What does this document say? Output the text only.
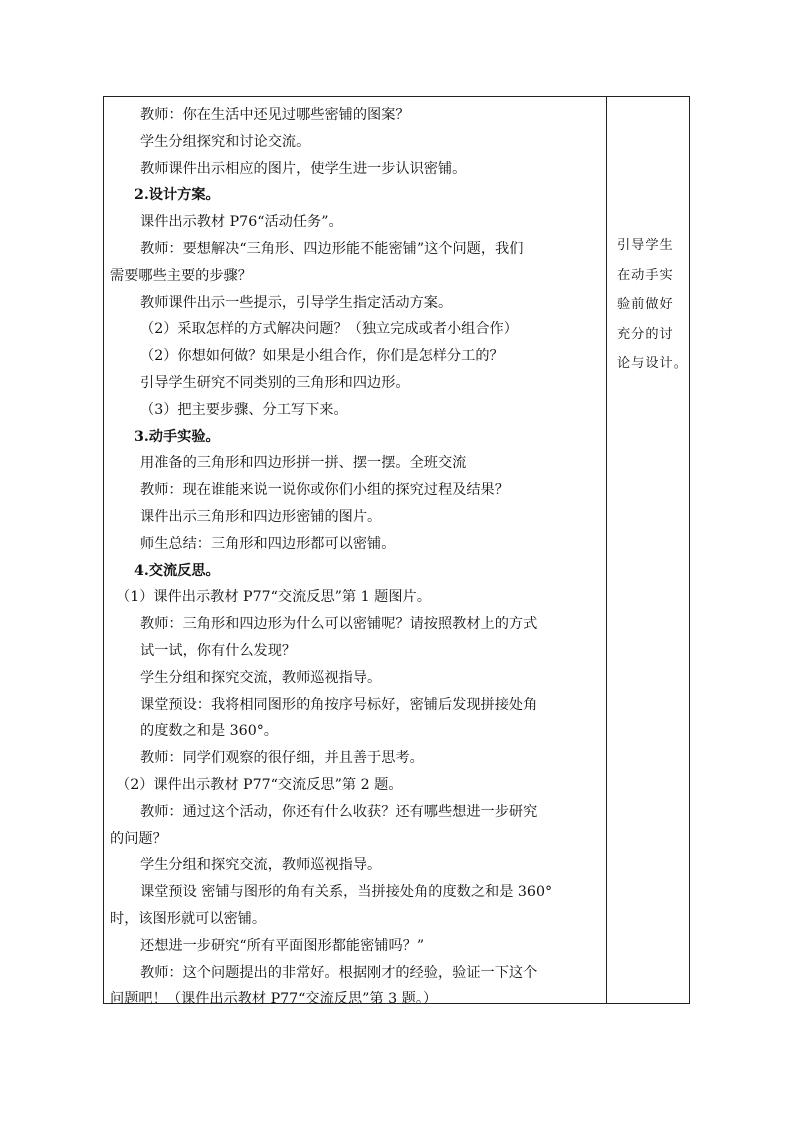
教师：你在生活中还见过哪些密铺的图案？
学生分组探究和讨论交流。
教师课件出示相应的图片，使学生进一步认识密铺。
2.设计方案。
课件出示教材 P76“活动任务”。
教师：要想解决“三角形、四边形能不能密铺”这个问题，我们
需要哪些主要的步骤？
教师课件出示一些提示，引导学生指定活动方案。
（2）采取怎样的方式解决问题？（独立完成或者小组合作）
（2）你想如何做？如果是小组合作，你们是怎样分工的？
引导学生研究不同类别的三角形和四边形。
（3）把主要步骤、分工写下来。
3.动手实验。
用准备的三角形和四边形拼一拼、摆一摆。全班交流
教师：现在谁能来说一说你或你们小组的探究过程及结果？
课件出示三角形和四边形密铺的图片。
师生总结：三角形和四边形都可以密铺。
4.交流反思。
（1）课件出示教材 P77“交流反思”第 1 题图片。
教师：三角形和四边形为什么可以密铺呢？请按照教材上的方式
试一试，你有什么发现？
学生分组和探究交流，教师巡视指导。
课堂预设：我将相同图形的角按序号标好，密铺后发现拼接处角
的度数之和是 360°。
教师：同学们观察的很仔细，并且善于思考。
（2）课件出示教材 P77“交流反思”第 2 题。
教师：通过这个活动，你还有什么收获？还有哪些想进一步研究
的问题？
学生分组和探究交流，教师巡视指导。
课堂预设 密铺与图形的角有关系，当拼接处角的度数之和是 360°
时，该图形就可以密铺。
还想进一步研究“所有平面图形都能密铺吗？”
教师：这个问题提出的非常好。根据刚才的经验，验证一下这个
问题吧！（课件出示教材 P77“交流反思”第 3 题。）
引导学生
在动手实
验前做好
充分的讨
论与设计。
